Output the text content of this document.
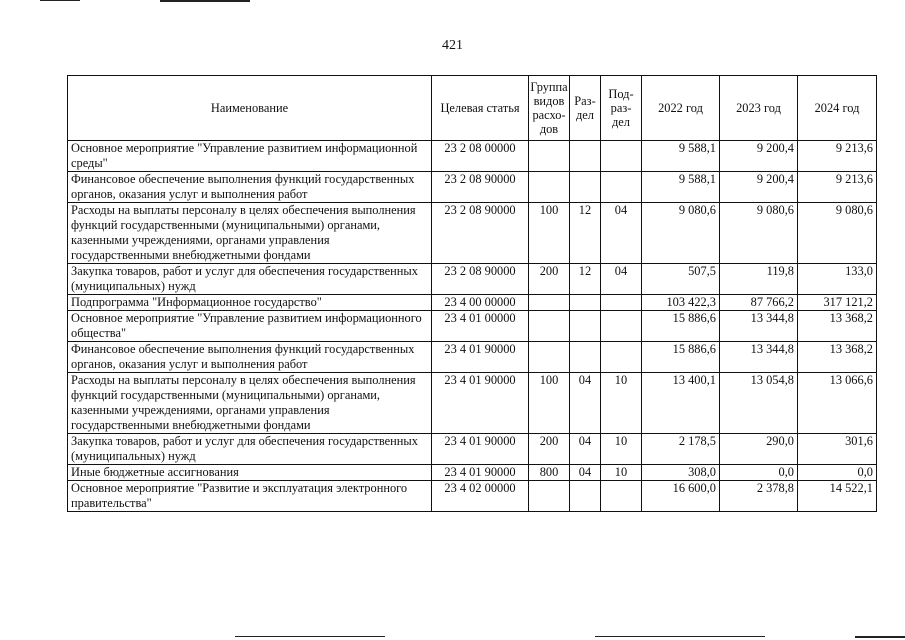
421
Наименование	Целевая статья	Группа видов расхо- дов	Раз- дел	Под- раз- дел	2022 год	2023 год	2024 год
Основное мероприятие "Управление развитием информационной среды"	23 2 08 00000				9 588,1	9 200,4	9 213,6
Финансовое обеспечение выполнения функций государственных органов, оказания услуг и выполнения работ	23 2 08 90000				9 588,1	9 200,4	9 213,6
Расходы на выплаты персоналу в целях обеспечения выполнения функций государственными (муниципальными) органами, казенными учреждениями, органами управления государственными внебюджетными фондами	23 2 08 90000	100	12	04	9 080,6	9 080,6	9 080,6
Закупка товаров, работ и услуг для обеспечения государственных (муниципальных) нужд	23 2 08 90000	200	12	04	507,5	119,8	133,0
Подпрограмма "Информационное государство"	23 4 00 00000				103 422,3	87 766,2	317 121,2
Основное мероприятие "Управление развитием информационного общества"	23 4 01 00000				15 886,6	13 344,8	13 368,2
Финансовое обеспечение выполнения функций государственных органов, оказания услуг и выполнения работ	23 4 01 90000				15 886,6	13 344,8	13 368,2
Расходы на выплаты персоналу в целях обеспечения выполнения функций государственными (муниципальными) органами, казенными учреждениями, органами управления государственными внебюджетными фондами	23 4 01 90000	100	04	10	13 400,1	13 054,8	13 066,6
Закупка товаров, работ и услуг для обеспечения государственных (муниципальных) нужд	23 4 01 90000	200	04	10	2 178,5	290,0	301,6
Иные бюджетные ассигнования	23 4 01 90000	800	04	10	308,0	0,0	0,0
Основное мероприятие "Развитие и эксплуатация электронного правительства"	23 4 02 00000				16 600,0	2 378,8	14 522,1
